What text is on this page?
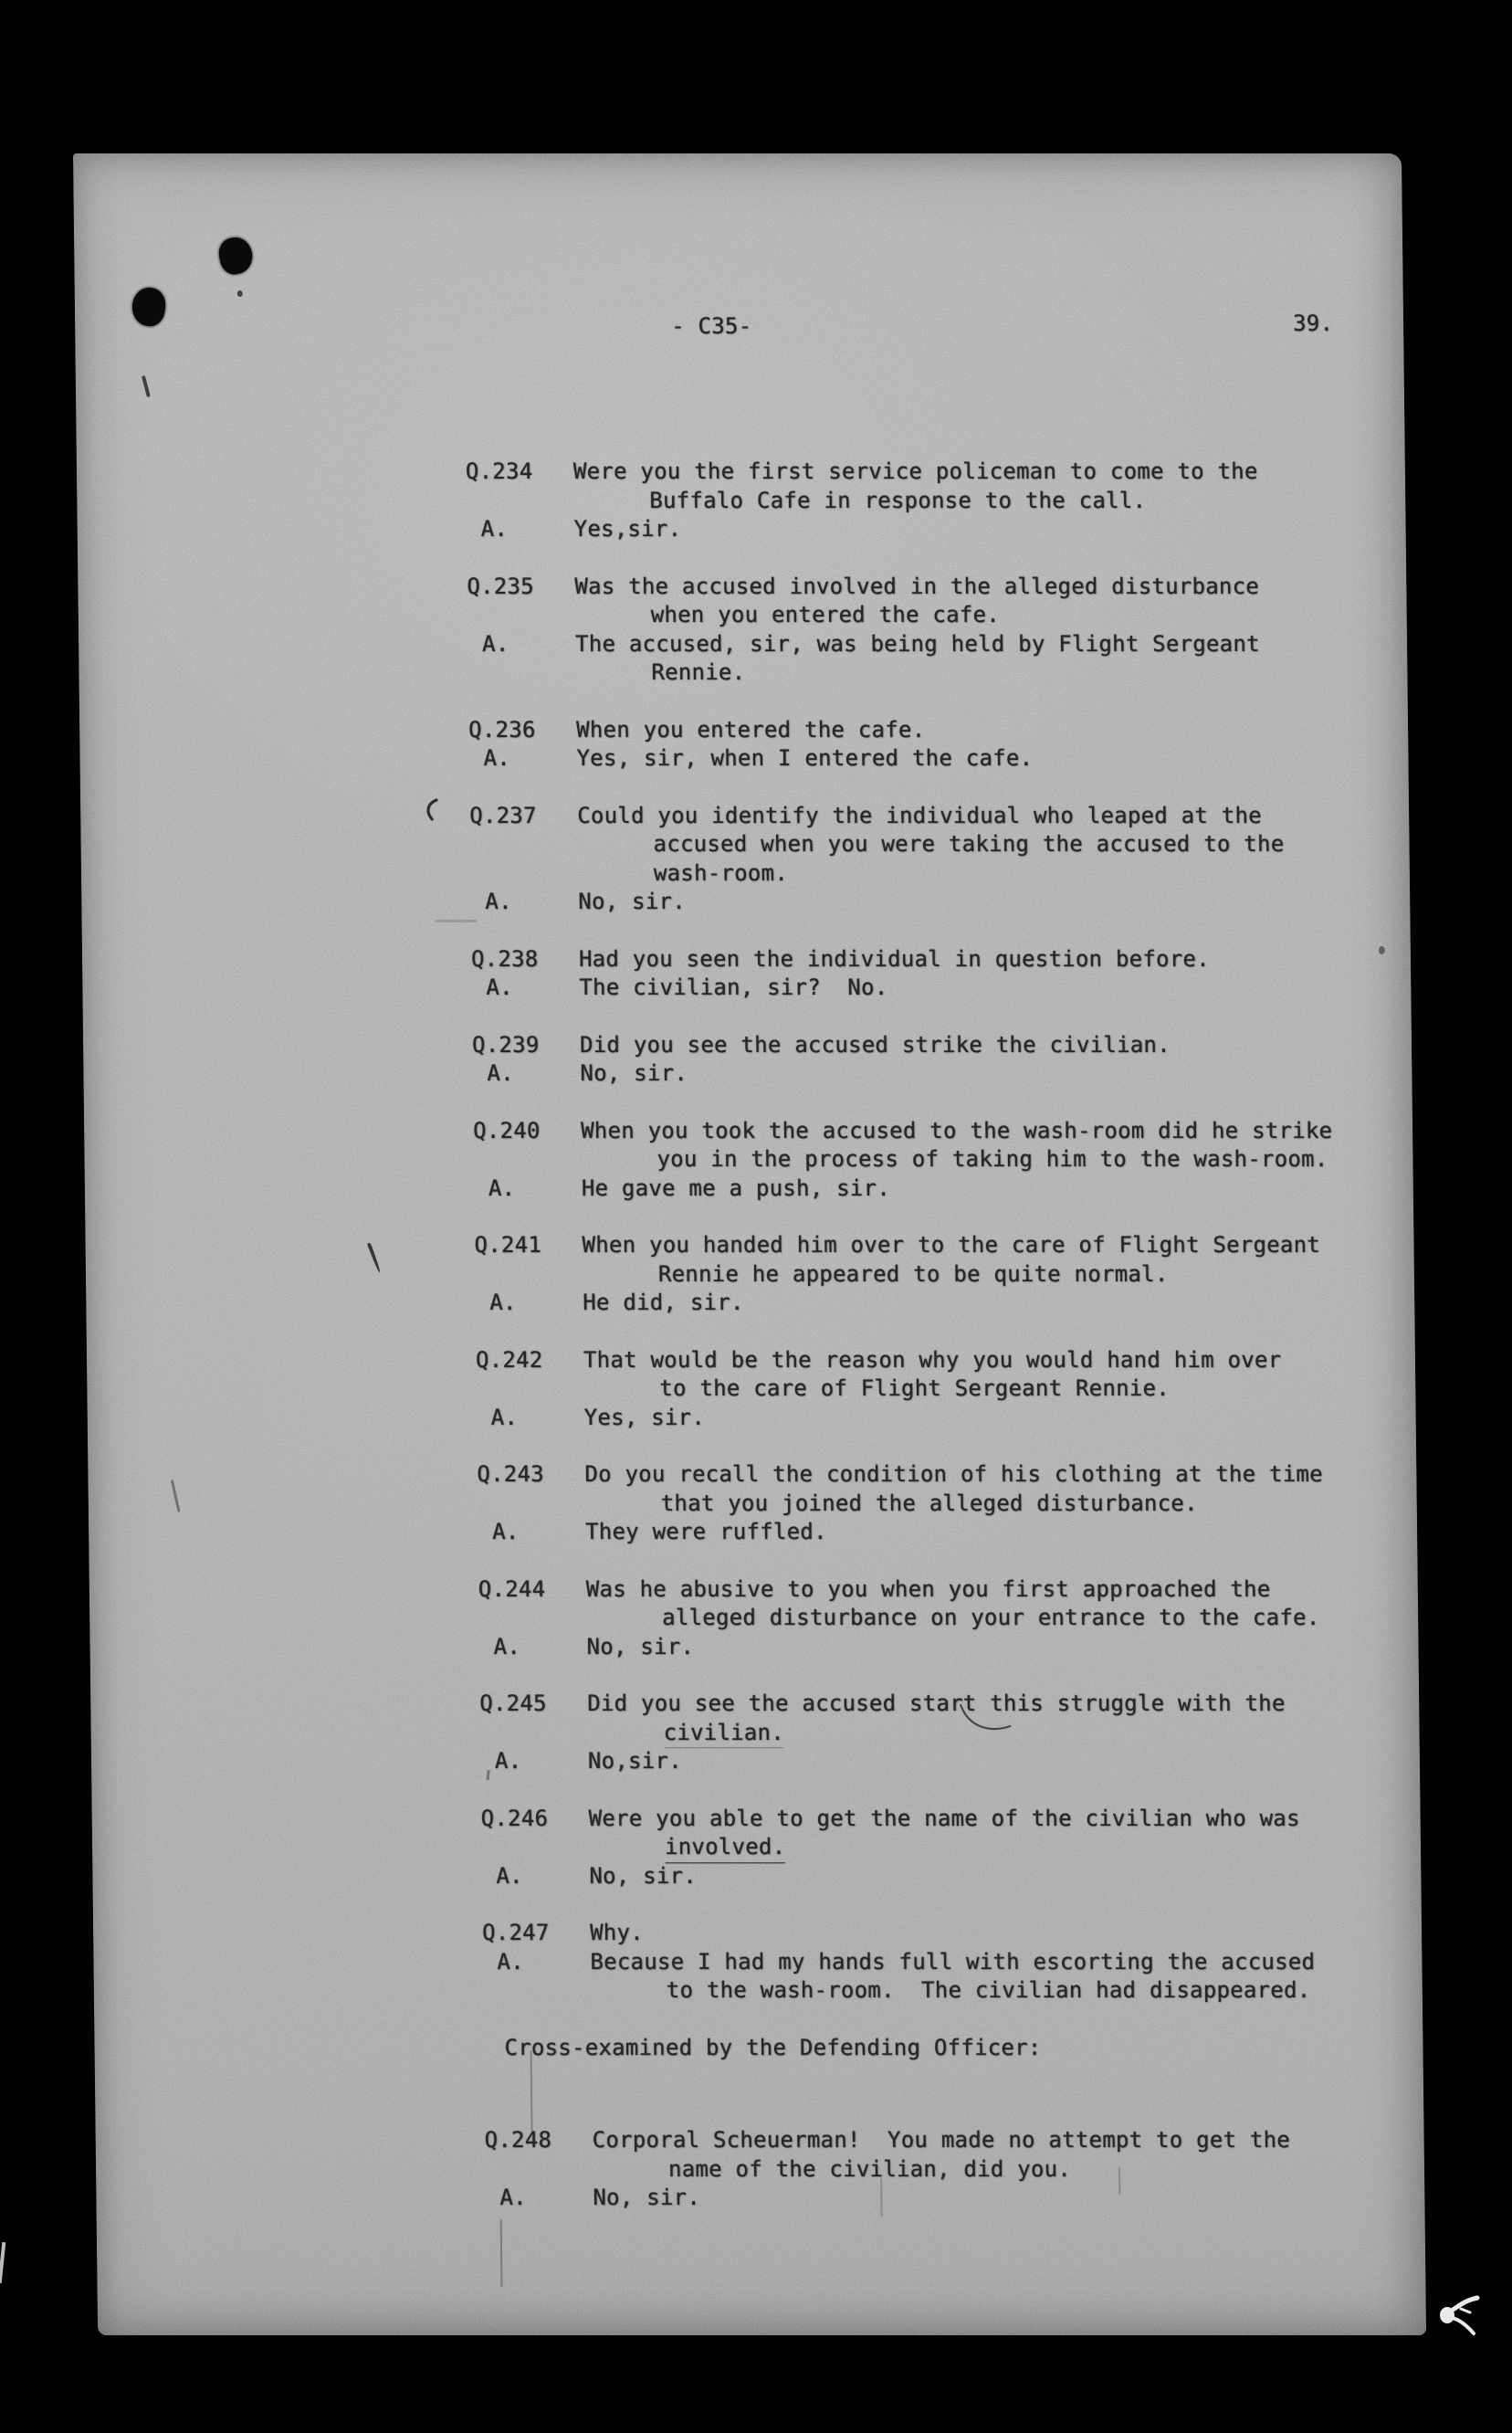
- C35-	39.
Q.234 Were you the first service policeman to come to the
Buffalo Cafe in response to the call.
A.	Yes,sir.
Q.235 Was the accused involved in the alleged disturbance
when you entered the cafe.
A.	The accused, sir, was being held by Flight Sergeant
Rennie.
Q.236 When you entered the cafe.
A.	Yes, sir, when I entered the cafe.
Q.237 Could you identify the individual who leaped at the
accused when you were taking the accused to the
wash-room.
A.	No, sir.
Q.238 Had you seen the individual in question before.
A.	The civilian, sir?  No.
Q.239 Did you see the accused strike the civilian.
A.	No, sir.
Q.240 When you took the accused to the wash-room did he strike
you in the process of taking him to the wash-room.
A.	He gave me a push, sir.
Q.241 When you handed him over to the care of Flight Sergeant
Rennie he appeared to be quite normal.
A.	He did, sir.
Q.242 That would be the reason why you would hand him over
to the care of Flight Sergeant Rennie.
A.	Yes, sir.
Q.243 Do you recall the condition of his clothing at the time
that you joined the alleged disturbance.
A.	They were ruffled.
Q.244 Was he abusive to you when you first approached the
alleged disturbance on your entrance to the cafe.
A.	No, sir.
Q.245 Did you see the accused start this struggle with the
civilian.
A.	No,sir.
Q.246 Were you able to get the name of the civilian who was
involved.
A.	No, sir.
Q.247 Why.
A.	Because I had my hands full with escorting the accused
to the wash-room.  The civilian had disappeared.
Cross-examined by the Defending Officer:
Q.248 Corporal Scheuerman!  You made no attempt to get the
name of the civilian, did you.
A.	No, sir.
